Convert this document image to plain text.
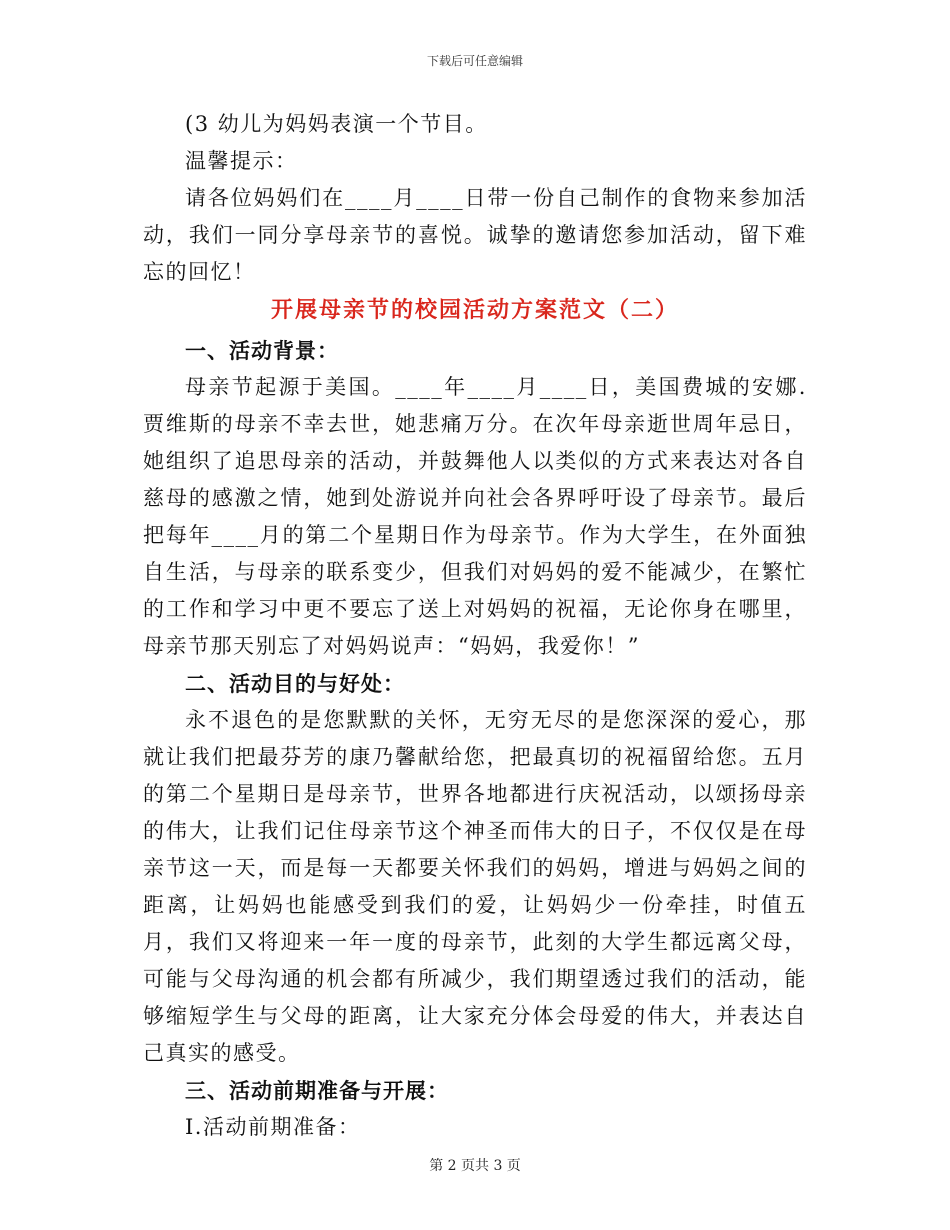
下载后可任意编辑

(3 幼儿为妈妈表演一个节目。

温馨提示：

请各位妈妈们在____月____日带一份自己制作的食物来参加活动，我们一同分享母亲节的喜悦。诚挚的邀请您参加活动，留下难忘的回忆！

开展母亲节的校园活动方案范文（二）

一、活动背景：

母亲节起源于美国。____年____月____日，美国费城的安娜.贾维斯的母亲不幸去世，她悲痛万分。在次年母亲逝世周年忌日，她组织了追思母亲的活动，并鼓舞他人以类似的方式来表达对各自慈母的感激之情，她到处游说并向社会各界呼吁设了母亲节。最后把每年____月的第二个星期日作为母亲节。作为大学生，在外面独自生活，与母亲的联系变少，但我们对妈妈的爱不能减少，在繁忙的工作和学习中更不要忘了送上对妈妈的祝福，无论你身在哪里，母亲节那天别忘了对妈妈说声：“妈妈，我爱你！”

二、活动目的与好处：

永不退色的是您默默的关怀，无穷无尽的是您深深的爱心，那就让我们把最芬芳的康乃馨献给您，把最真切的祝福留给您。五月的第二个星期日是母亲节，世界各地都进行庆祝活动，以颂扬母亲的伟大，让我们记住母亲节这个神圣而伟大的日子，不仅仅是在母亲节这一天，而是每一天都要关怀我们的妈妈，增进与妈妈之间的距离，让妈妈也能感受到我们的爱，让妈妈少一份牵挂，时值五月，我们又将迎来一年一度的母亲节，此刻的大学生都远离父母，可能与父母沟通的机会都有所减少，我们期望透过我们的活动，能够缩短学生与父母的距离，让大家充分体会母爱的伟大，并表达自己真实的感受。

三、活动前期准备与开展：

I.活动前期准备：

第 2 页共 3 页
